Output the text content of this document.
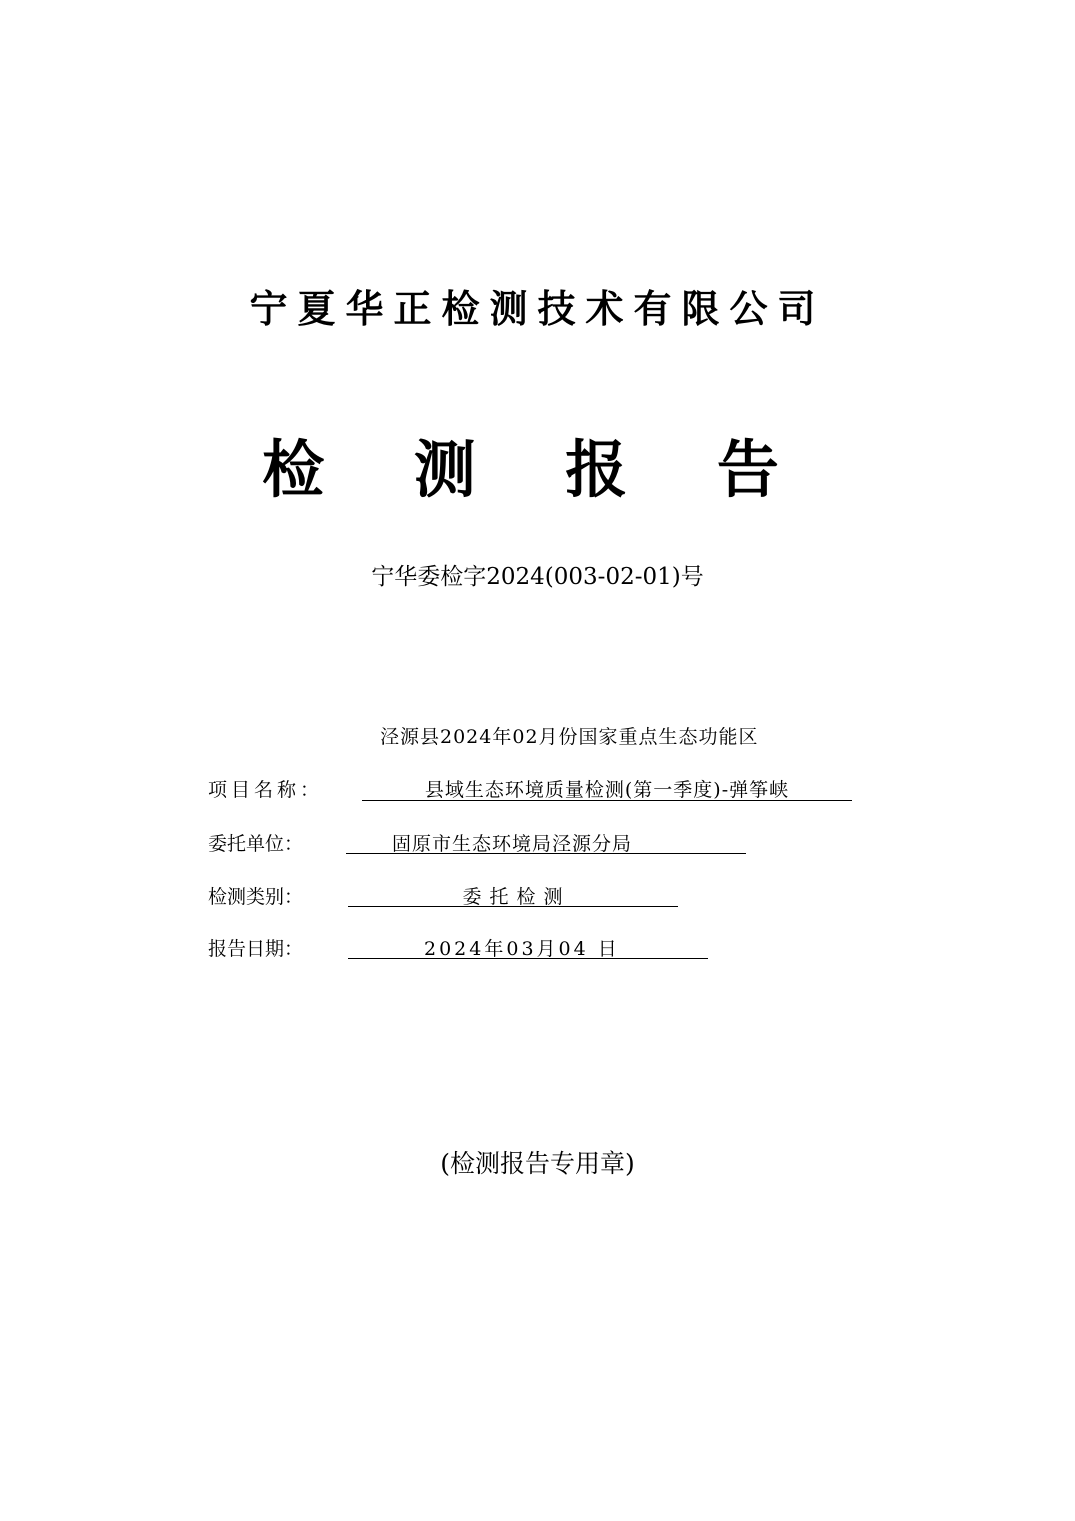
宁夏华正检测技术有限公司
检 测 报 告
宁华委检字2024(003-02-01)号
泾源县2024年02月份国家重点生态功能区
项目名称：	县域生态环境质量检测(第一季度)-弹筝峡
委托单位：	固原市生态环境局泾源分局
检测类别：	委 托 检 测
报告日期：	2024年03月04 日
(检测报告专用章)
